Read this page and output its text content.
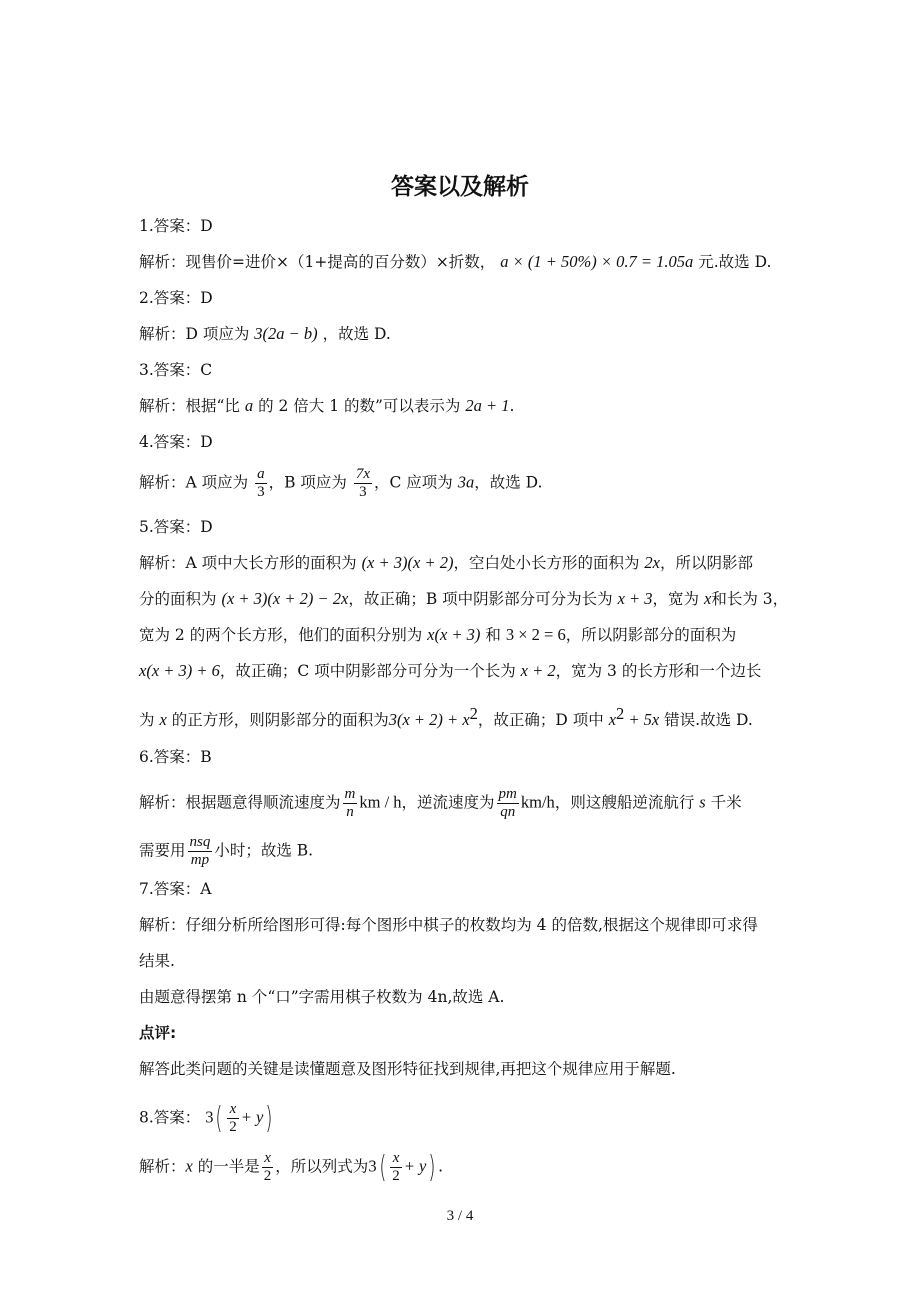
答案以及解析
1.答案：D
解析：现售价=进价×（1+提高的百分数）×折数， a × (1 + 50%) × 0.7 = 1.05a 元.故选 D.
2.答案：D
解析：D 项应为 3(2a − b) ，故选 D.
3.答案：C
解析：根据“比 a 的 2 倍大 1 的数”可以表示为 2a + 1.
4.答案：D
解析：A 项应为 $\frac{a}{3}$ ，B 项应为 $\frac{7x}{3}$ ，C 应项为 3a，故选 D.
5.答案：D
解析：A 项中大长方形的面积为 (x + 3)(x + 2)，空白处小长方形的面积为 2x，所以阴影部
分的面积为 (x + 3)(x + 2) − 2x，故正确；B 项中阴影部分可分为长为 x + 3，宽为 x和长为 3，
宽为 2 的两个长方形，他们的面积分别为 x(x + 3) 和 3 × 2 = 6，所以阴影部分的面积为
x(x + 3) + 6，故正确；C 项中阴影部分可分为一个长为 x + 2，宽为 3 的长方形和一个边长
为 x 的正方形，则阴影部分的面积为$3(x + 2) + x^2$，故正确；D 项中 $x^2 + 5x$ 错误.故选 D.
6.答案：B
解析：根据题意得顺流速度为 $\frac{m}{n}$ km / h，逆流速度为 $\frac{pm}{qn} km/h$，则这艘船逆流航行 s 千米
需要用 $\frac{\text{nsq}}{mp}$ 小时；故选 B.
7.答案：A
解析：仔细分析所给图形可得:每个图形中棋子的枚数均为 4 的倍数,根据这个规律即可求得
结果.
由题意得摆第 n 个“口”字需用棋子枚数为 4n,故选 A.
点评:
解答此类问题的关键是读懂题意及图形特征找到规律,再把这个规律应用于解题.
8.答案： $3( \frac{x}{2} + y)$
解析：x 的一半是 $\frac{x}{2}$ ，所以列式为$3( \frac{x}{2} + y)$ .
3 / 4
